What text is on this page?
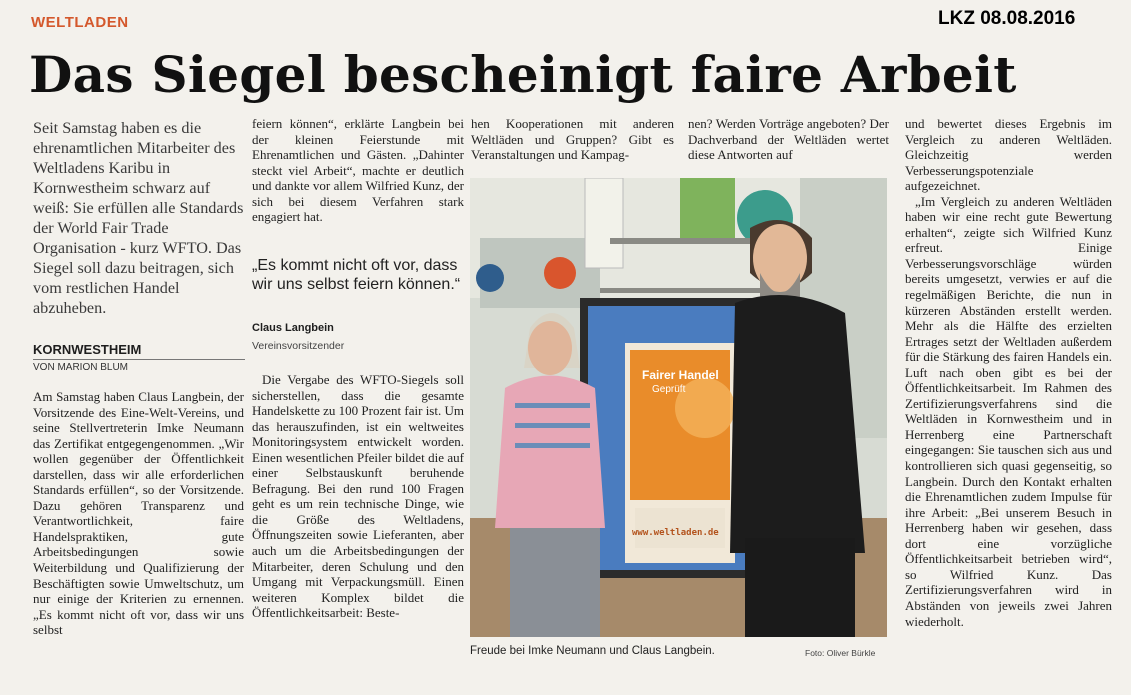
WELTLADEN	LKZ 08.08.2016
Das Siegel bescheinigt faire Arbeit

Seit Samstag haben es die ehrenamtlichen Mitarbeiter des Weltladens Karibu in Kornwestheim schwarz auf weiß: Sie erfüllen alle Standards der World Fair Trade Organisation - kurz WFTO. Das Siegel soll dazu beitragen, sich vom restlichen Handel abzuheben.

KORNWESTHEIM
VON MARION BLUM

Am Samstag haben Claus Langbein, der Vorsitzende des Eine-Welt-Vereins, und seine Stellvertreterin Imke Neumann das Zertifikat entgegengenommen. „Wir wollen gegenüber der Öffentlichkeit darstellen, dass wir alle erforderlichen Standards erfüllen“, so der Vorsitzende. Dazu gehören Transparenz und Verantwortlichkeit, faire Handelspraktiken, gute Arbeitsbedingungen sowie Weiterbildung und Qualifizierung der Beschäftigten sowie Umweltschutz, um nur einige der Kriterien zu ernennen. „Es kommt nicht oft vor, dass wir uns selbst

feiern können“, erklärte Langbein bei der kleinen Feierstunde mit Ehrenamtlichen und Gästen. „Dahinter steckt viel Arbeit“, machte er deutlich und dankte vor allem Wilfried Kunz, der sich bei diesem Verfahren stark engagiert hat.

„Es kommt nicht oft vor, dass wir uns selbst feiern können.“
Claus Langbein
Vereinsvorsitzender

Die Vergabe des WFTO-Siegels soll sicherstellen, dass die gesamte Handelskette zu 100 Prozent fair ist. Um das herauszufinden, ist ein weltweites Monitoringsystem entwickelt worden. Einen wesentlichen Pfeiler bildet die auf einer Selbstauskunft beruhende Befragung. Bei den rund 100 Fragen geht es um rein technische Dinge, wie die Größe des Weltladens, Öffnungszeiten sowie Lieferanten, aber auch um die Arbeitsbedingungen der Mitarbeiter, deren Schulung und den Umgang mit Verpackungsmüll. Einen weiteren Komplex bildet die Öffentlichkeitsarbeit: Beste-

hen Kooperationen mit anderen Weltläden und Gruppen? Gibt es Veranstaltungen und Kampag-

nen? Werden Vorträge angeboten? Der Dachverband der Weltläden wertet diese Antworten auf

und bewertet dieses Ergebnis im Vergleich zu anderen Weltläden. Gleichzeitig werden Verbesserungspotenziale aufgezeichnet.

„Im Vergleich zu anderen Weltläden haben wir eine recht gute Bewertung erhalten“, zeigte sich Wilfried Kunz erfreut. Einige Verbesserungsvorschläge würden bereits umgesetzt, verwies er auf die regelmäßigen Berichte, die nun in kürzeren Abständen erstellt werden. Mehr als die Hälfte des erzielten Ertrages setzt der Weltladen außerdem für die Stärkung des fairen Handels ein. Luft nach oben gibt es bei der Öffentlichkeitsarbeit. Im Rahmen des Zertifizierungsverfahrens sind die Weltläden in Kornwestheim und in Herrenberg eine Partnerschaft eingegangen: Sie tauschen sich aus und kontrollieren sich quasi gegenseitig, so Langbein. Durch den Kontakt erhalten die Ehrenamtlichen zudem Impulse für ihre Arbeit: „Bei unserem Besuch in Herrenberg haben wir gesehen, dass dort eine vorzügliche Öffentlichkeitsarbeit betrieben wird“, so Wilfried Kunz. Das Zertifizierungsverfahren wird in Abständen von jeweils zwei Jahren wiederholt.

Fairer Handel
Geprüft
www.weltladen.de
Freude bei Imke Neumann und Claus Langbein.	Foto: Oliver Bürkle
